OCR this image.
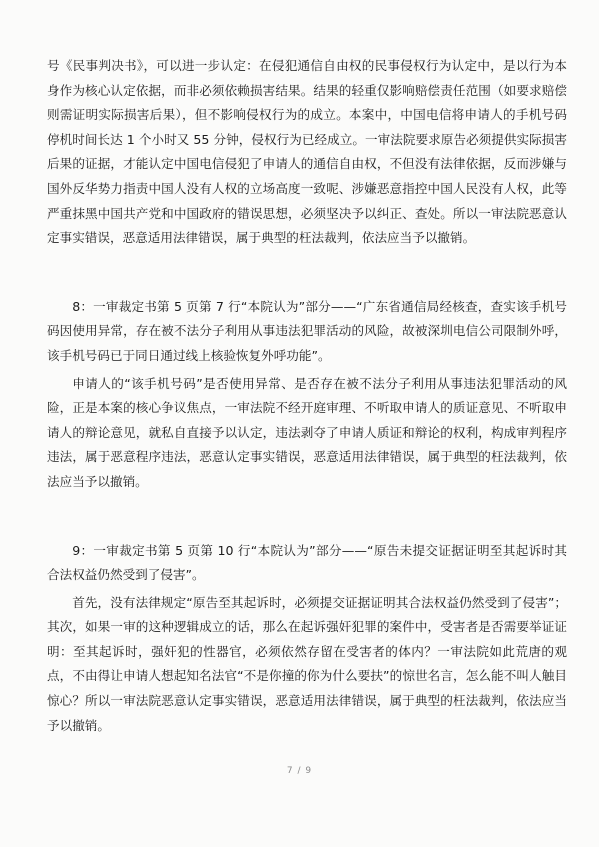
号《民事判决书》，可以进一步认定：在侵犯通信自由权的民事侵权行为认定中，是以行为本身作为核心认定依据，而非必须依赖损害结果。结果的轻重仅影响赔偿责任范围（如要求赔偿则需证明实际损害后果），但不影响侵权行为的成立。本案中，中国电信将申请人的手机号码停机时间长达 1 个小时又 55 分钟，侵权行为已经成立。一审法院要求原告必须提供实际损害后果的证据，才能认定中国电信侵犯了申请人的通信自由权，不但没有法律依据，反而涉嫌与国外反华势力指责中国人没有人权的立场高度一致呢、涉嫌恶意指控中国人民没有人权，此等严重抹黑中国共产党和中国政府的错误思想，必须坚决予以纠正、查处。所以一审法院恶意认定事实错误，恶意适用法律错误，属于典型的枉法裁判，依法应当予以撤销。

8：一审裁定书第 5 页第 7 行“本院认为”部分——“广东省通信局经核查，查实该手机号码因使用异常，存在被不法分子利用从事违法犯罪活动的风险，故被深圳电信公司限制外呼，该手机号码已于同日通过线上核验恢复外呼功能”。

申请人的“该手机号码”是否使用异常、是否存在被不法分子利用从事违法犯罪活动的风险，正是本案的核心争议焦点，一审法院不经开庭审理、不听取申请人的质证意见、不听取申请人的辩论意见，就私自直接予以认定，违法剥夺了申请人质证和辩论的权利，构成审判程序违法，属于恶意程序违法，恶意认定事实错误，恶意适用法律错误，属于典型的枉法裁判，依法应当予以撤销。

9：一审裁定书第 5 页第 10 行“本院认为”部分——“原告未提交证据证明至其起诉时其合法权益仍然受到了侵害”。

首先，没有法律规定“原告至其起诉时，必须提交证据证明其合法权益仍然受到了侵害”；其次，如果一审的这种逻辑成立的话，那么在起诉强奸犯罪的案件中，受害者是否需要举证证明：至其起诉时，强奸犯的性器官，必须依然存留在受害者的体内？一审法院如此荒唐的观点，不由得让申请人想起知名法官“不是你撞的你为什么要扶”的惊世名言，怎么能不叫人触目惊心？所以一审法院恶意认定事实错误，恶意适用法律错误，属于典型的枉法裁判，依法应当予以撤销。

7 / 9
